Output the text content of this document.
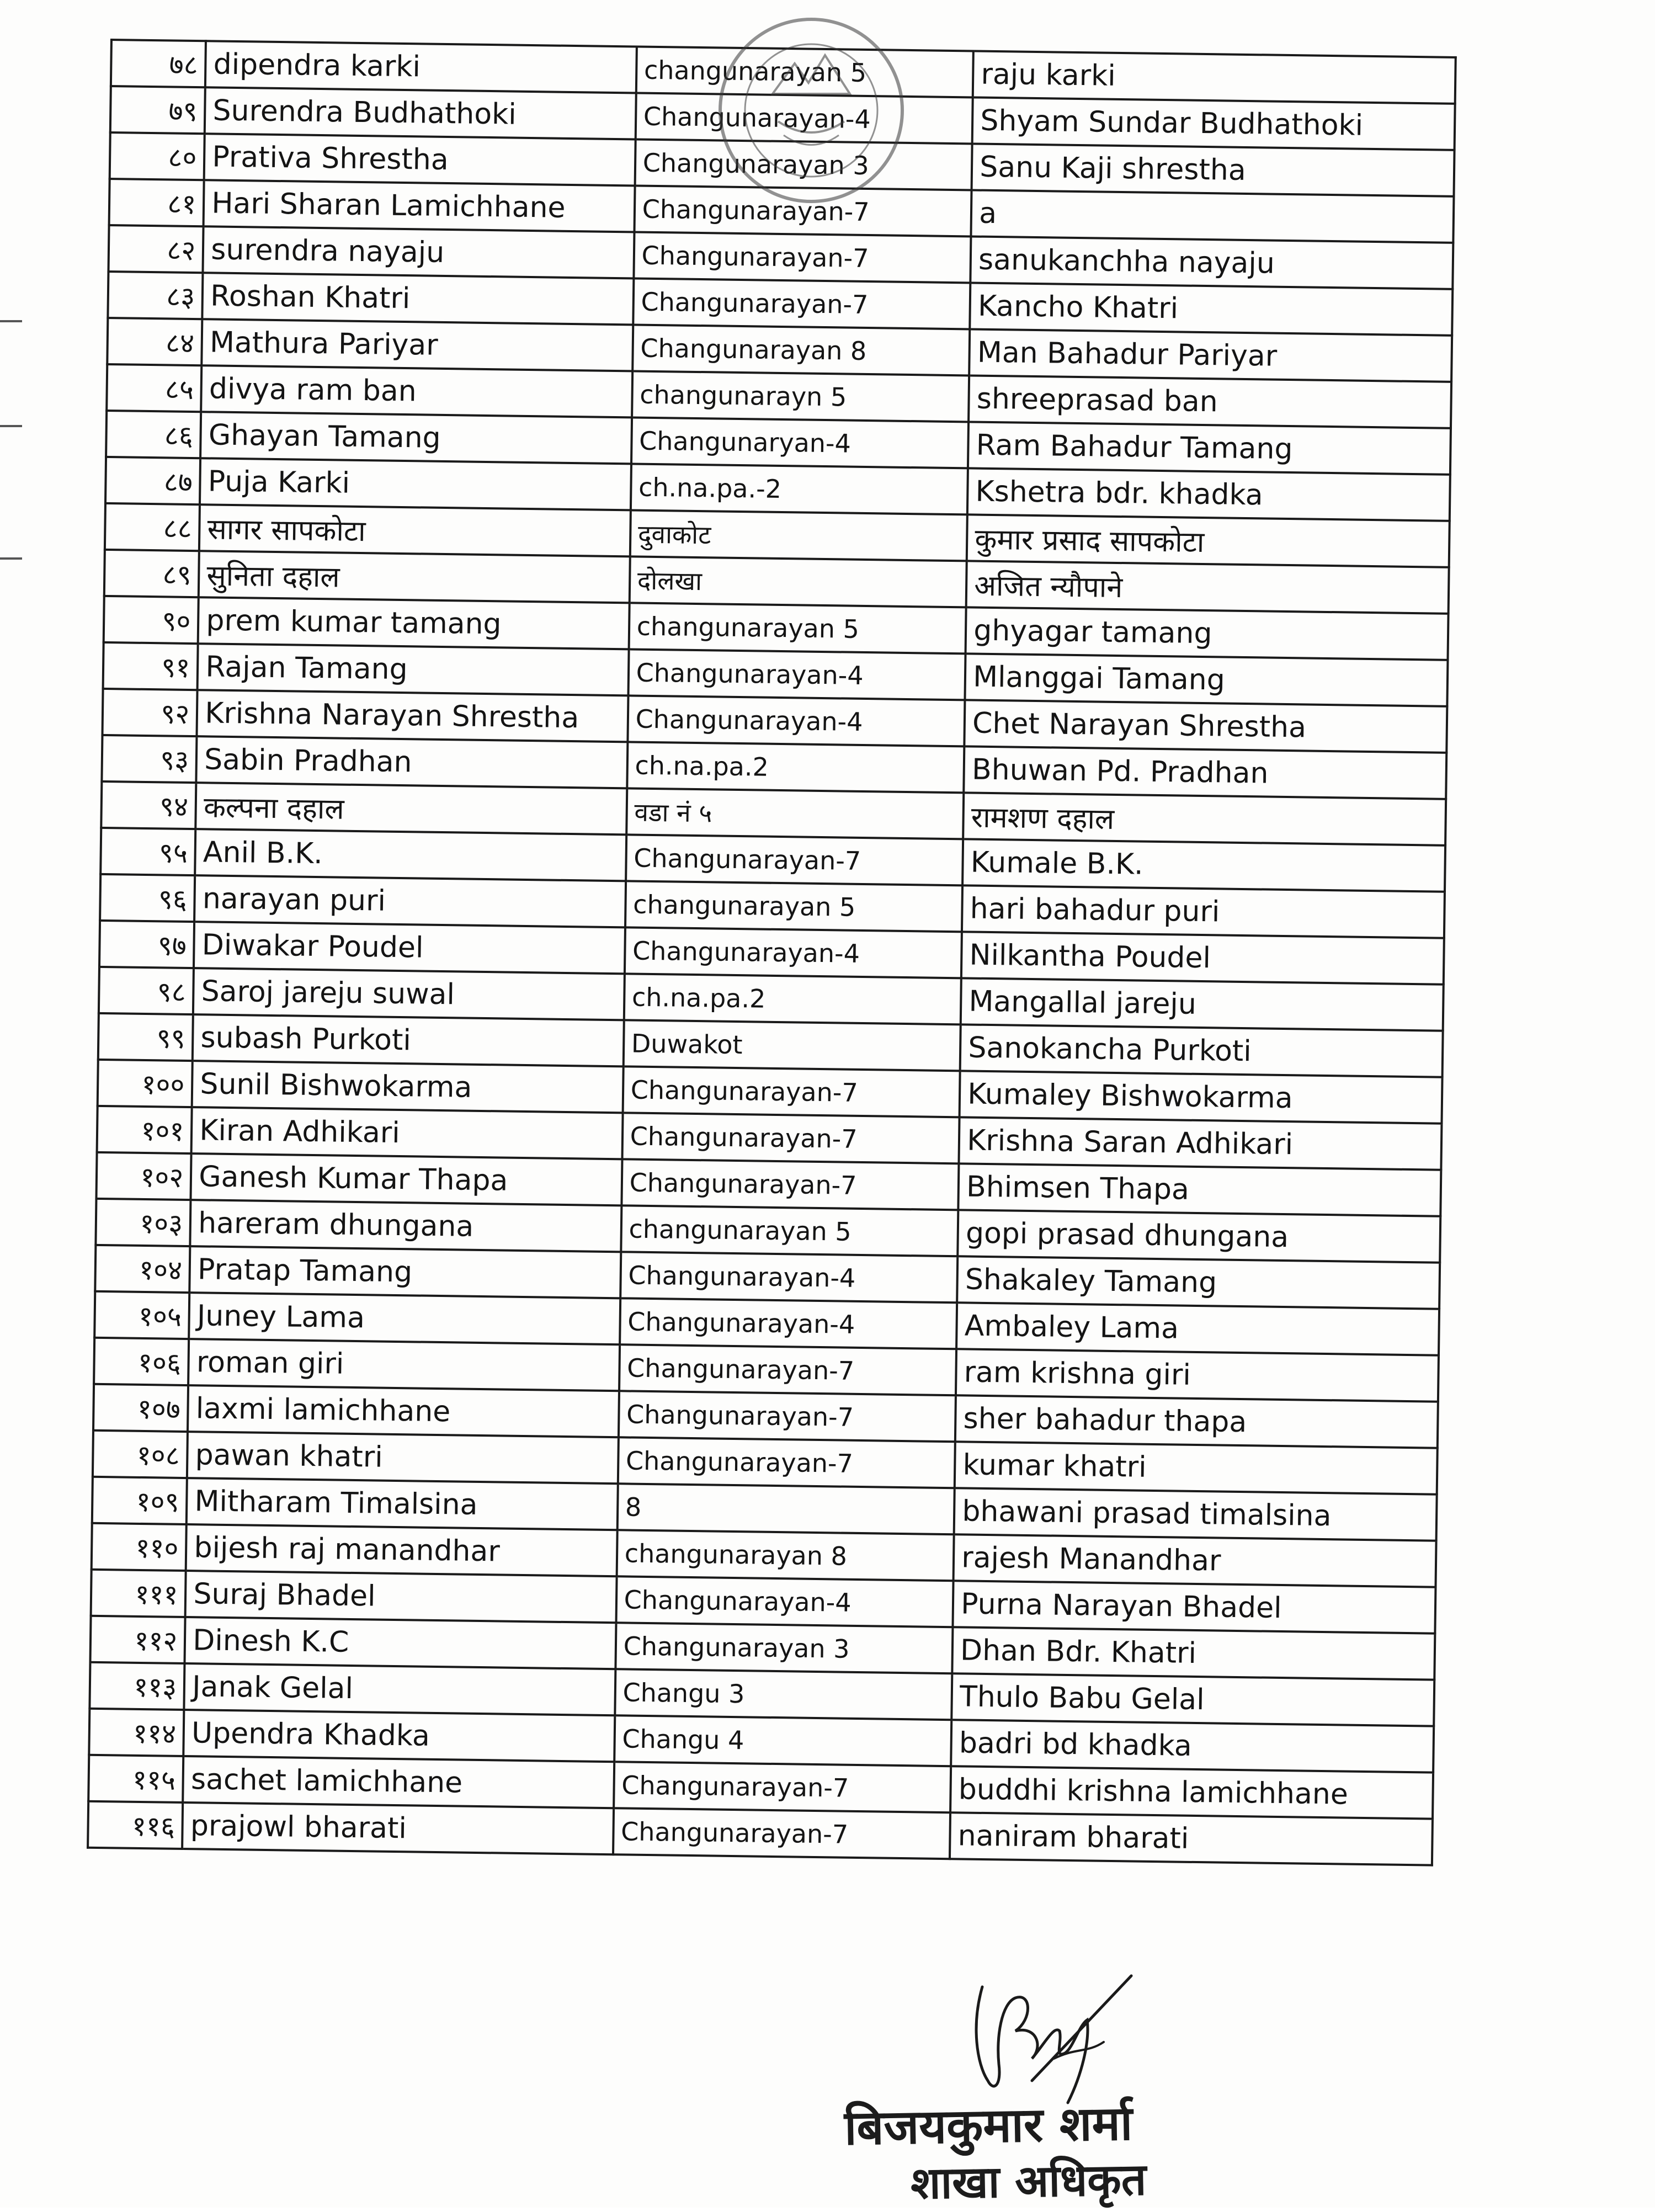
७८	dipendra karki	changunarayan 5	raju karki
७९	Surendra Budhathoki	Changunarayan-4	Shyam Sundar Budhathoki
८०	Prativa Shrestha	Changunarayan 3	Sanu Kaji shrestha
८१	Hari Sharan Lamichhane	Changunarayan-7	a
८२	surendra nayaju	Changunarayan-7	sanukanchha nayaju
८३	Roshan Khatri	Changunarayan-7	Kancho Khatri
८४	Mathura Pariyar	Changunarayan 8	Man Bahadur Pariyar
८५	divya ram ban	changunarayn 5	shreeprasad ban
८६	Ghayan Tamang	Changunaryan-4	Ram Bahadur Tamang
८७	Puja Karki	ch.na.pa.-2	Kshetra bdr. khadka
८८	सागर सापकोटा	दुवाकोट	कुमार प्रसाद सापकोटा
८९	सुनिता दहाल	दोलखा	अजित न्यौपाने
९०	prem kumar tamang	changunarayan 5	ghyagar tamang
९१	Rajan Tamang	Changunarayan-4	Mlanggai Tamang
९२	Krishna Narayan Shrestha	Changunarayan-4	Chet Narayan Shrestha
९३	Sabin Pradhan	ch.na.pa.2	Bhuwan Pd. Pradhan
९४	कल्पना दहाल	वडा नं ५	रामशण दहाल
९५	Anil B.K.	Changunarayan-7	Kumale B.K.
९६	narayan puri	changunarayan 5	hari bahadur puri
९७	Diwakar Poudel	Changunarayan-4	Nilkantha Poudel
९८	Saroj jareju suwal	ch.na.pa.2	Mangallal jareju
९९	subash Purkoti	Duwakot	Sanokancha Purkoti
१००	Sunil Bishwokarma	Changunarayan-7	Kumaley Bishwokarma
१०१	Kiran Adhikari	Changunarayan-7	Krishna Saran Adhikari
१०२	Ganesh Kumar Thapa	Changunarayan-7	Bhimsen Thapa
१०३	hareram dhungana	changunarayan 5	gopi prasad dhungana
१०४	Pratap Tamang	Changunarayan-4	Shakaley Tamang
१०५	Juney Lama	Changunarayan-4	Ambaley Lama
१०६	roman giri	Changunarayan-7	ram krishna giri
१०७	laxmi lamichhane	Changunarayan-7	sher bahadur thapa
१०८	pawan khatri	Changunarayan-7	kumar khatri
१०९	Mitharam Timalsina	8	bhawani prasad timalsina
११०	bijesh raj manandhar	changunarayan 8	rajesh Manandhar
१११	Suraj Bhadel	Changunarayan-4	Purna Narayan Bhadel
११२	Dinesh K.C	Changunarayan 3	Dhan Bdr. Khatri
११३	Janak Gelal	Changu 3	Thulo Babu Gelal
११४	Upendra Khadka	Changu 4	badri bd khadka
११५	sachet lamichhane	Changunarayan-7	buddhi krishna lamichhane
११६	prajowl bharati	Changunarayan-7	naniram bharati
बिजयकुमार शर्मा
शाखा अधिकृत
